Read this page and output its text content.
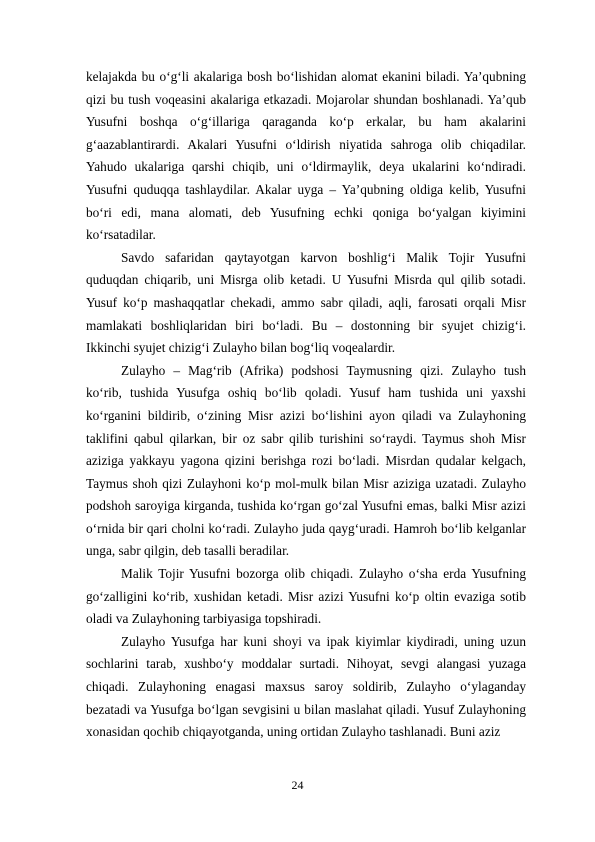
kelajakda bu o‘g‘li akalariga bosh bo‘lishidan alomat ekanini biladi. Ya’qubning qizi bu tush voqeasini akalariga etkazadi. Mojarolar shundan boshlanadi. Ya’qub Yusufni boshqa o‘g‘illariga qaraganda ko‘p erkalar, bu ham akalarini g‘aazablantirardi. Akalari Yusufni o‘ldirish niyatida sahroga olib chiqadilar. Yahudo ukalariga qarshi chiqib, uni o‘ldirmaylik, deya ukalarini ko‘ndiradi. Yusufni quduqqa tashlaydilar. Akalar uyga – Ya’qubning oldiga kelib, Yusufni bo‘ri edi, mana alomati, deb Yusufning echki qoniga bo‘yalgan kiyimini ko‘rsatadilar.

Savdo safaridan qaytayotgan karvon boshlig‘i Malik Tojir Yusufni quduqdan chiqarib, uni Misrga olib ketadi. U Yusufni Misrda qul qilib sotadi. Yusuf ko‘p mashaqqatlar chekadi, ammo sabr qiladi, aqli, farosati orqali Misr mamlakati boshliqlaridan biri bo‘ladi. Bu – dostonning bir syujet chizig‘i. Ikkinchi syujet chizig‘i Zulayho bilan bog‘liq voqealardir.

Zulayho – Mag‘rib (Afrika) podshosi Taymusning qizi. Zulayho tush ko‘rib, tushida Yusufga oshiq bo‘lib qoladi. Yusuf ham tushida uni yaxshi ko‘rganini bildirib, o‘zining Misr azizi bo‘lishini ayon qiladi va Zulayhoning taklifini qabul qilarkan, bir oz sabr qilib turishini so‘raydi. Taymus shoh Misr aziziga yakkayu yagona qizini berishga rozi bo‘ladi. Misrdan qudalar kelgach, Taymus shoh qizi Zulayhoni ko‘p mol-mulk bilan Misr aziziga uzatadi. Zulayho podshoh saroyiga kirganda, tushida ko‘rgan go‘zal Yusufni emas, balki Misr azizi o‘rnida bir qari cholni ko‘radi. Zulayho juda qayg‘uradi. Hamroh bo‘lib kelganlar unga, sabr qilgin, deb tasalli beradilar.

Malik Tojir Yusufni bozorga olib chiqadi. Zulayho o‘sha erda Yusufning go‘zalligini ko‘rib, xushidan ketadi. Misr azizi Yusufni ko‘p oltin evaziga sotib oladi va Zulayhoning tarbiyasiga topshiradi.

Zulayho Yusufga har kuni shoyi va ipak kiyimlar kiydiradi, uning uzun sochlarini tarab, xushbo‘y moddalar surtadi. Nihoyat, sevgi alangasi yuzaga chiqadi. Zulayhoning enagasi maxsus saroy soldirib, Zulayho o‘ylaganday bezatadi va Yusufga bo‘lgan sevgisini u bilan maslahat qiladi. Yusuf Zulayhoning xonasidan qochib chiqayotganda, uning ortidan Zulayho tashlanadi. Buni aziz

24
